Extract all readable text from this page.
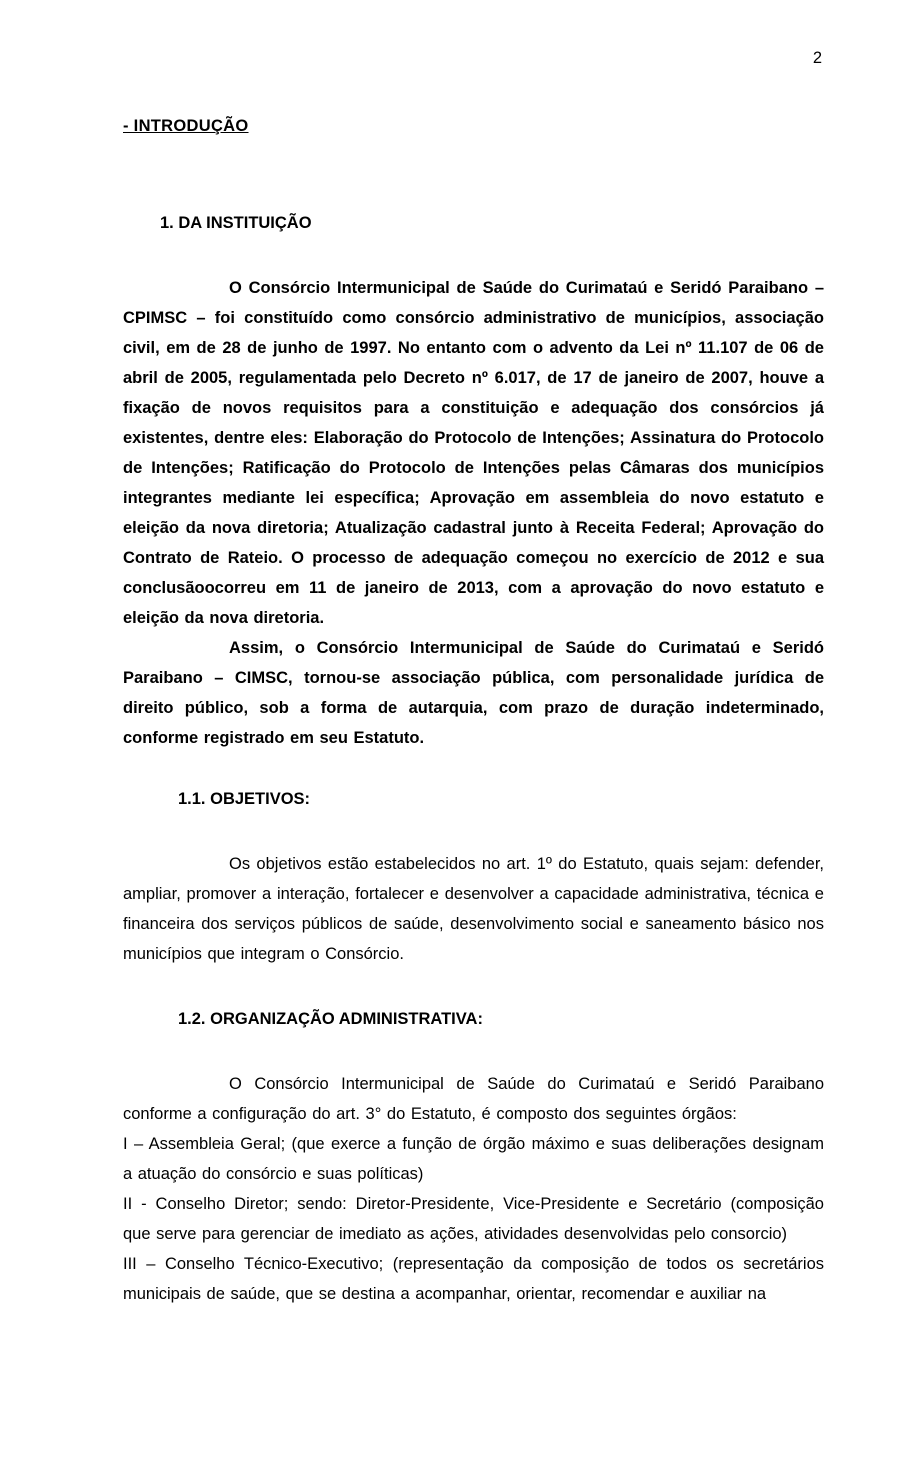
2
- INTRODUÇÃO
1. DA INSTITUIÇÃO

O Consórcio Intermunicipal de Saúde do Curimataú e Seridó Paraibano – CPIMSC – foi constituído como consórcio administrativo de municípios, associação civil, em de 28 de junho de 1997. No entanto com o advento da Lei nº 11.107 de 06 de abril de 2005, regulamentada pelo Decreto nº 6.017, de 17 de janeiro de 2007, houve a fixação de novos requisitos para a constituição e adequação dos consórcios já existentes, dentre eles: Elaboração do Protocolo de Intenções; Assinatura do Protocolo de Intenções; Ratificação do Protocolo de Intenções pelas Câmaras dos municípios integrantes mediante lei específica; Aprovação em assembleia do novo estatuto e eleição da nova diretoria; Atualização cadastral junto à Receita Federal; Aprovação do Contrato de Rateio. O processo de adequação começou no exercício de 2012 e sua conclusãoocorreu em 11 de janeiro de 2013, com a aprovação do novo estatuto e eleição da nova diretoria.

Assim, o Consórcio Intermunicipal de Saúde do Curimataú e Seridó Paraibano – CIMSC, tornou-se associação pública, com personalidade jurídica de direito público, sob a forma de autarquia, com prazo de duração indeterminado, conforme registrado em seu Estatuto.

1.1. OBJETIVOS:

Os objetivos estão estabelecidos no art. 1º do Estatuto, quais sejam: defender, ampliar, promover a interação, fortalecer e desenvolver a capacidade administrativa, técnica e financeira dos serviços públicos de saúde, desenvolvimento social e saneamento básico nos municípios que integram o Consórcio.

1.2. ORGANIZAÇÃO ADMINISTRATIVA:

O Consórcio Intermunicipal de Saúde do Curimataú e Seridó Paraibano conforme a configuração do art. 3° do Estatuto, é composto dos seguintes órgãos:

I – Assembleia Geral; (que exerce a função de órgão máximo e suas deliberações designam a atuação do consórcio e suas políticas)

II - Conselho Diretor; sendo: Diretor-Presidente, Vice-Presidente e Secretário (composição que serve para gerenciar de imediato as ações, atividades desenvolvidas pelo consorcio)

III – Conselho Técnico-Executivo; (representação da composição de todos os secretários municipais de saúde, que se destina a acompanhar, orientar, recomendar e auxiliar na
